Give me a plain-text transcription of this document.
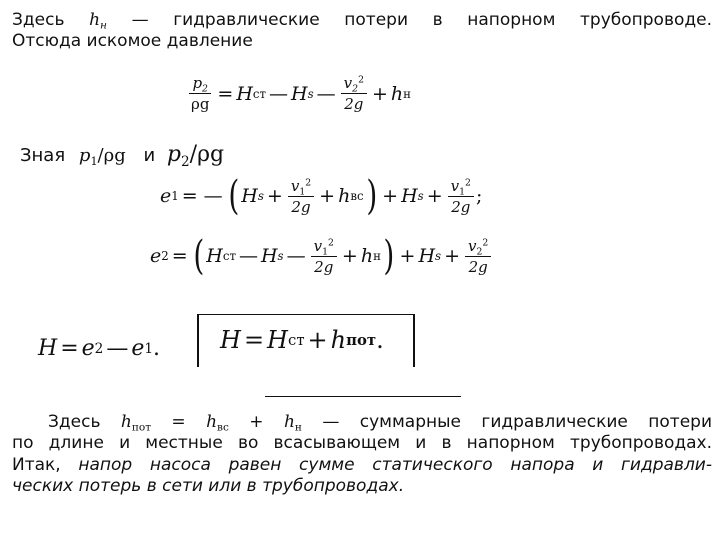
Здесь $h_н$ — гидравлические потери в напорном трубопроводе.
Отсюда искомое давление
$\frac{p_2}{\rho g} = H$ ст — H s — $\frac{v_2^2}{2g} + h$ н
Зная $p_1/\rho g$ и $p_2/\rho g$
e 1 = — ( H $s + \frac{v_1^2}{2g} + h$ вс ) + H $s + \frac{v_1^2}{2g}$ ;
e 2 = ( H ст — H s — $\frac{v_1^2}{2g} + h$ н ) + H $s + \frac{v_2^2}{2g}$
H = e 2 — e 1 . H = H ст + h пот .
Здесь $h_{пот} = h_{вс} + h_н$ — суммарные гидравлические потери
по длине и местные во всасывающем и в напорном трубопроводах.
Итак, напор насоса равен сумме статического напора и гидравли-
ческих потерь в сети или в трубопроводах.
